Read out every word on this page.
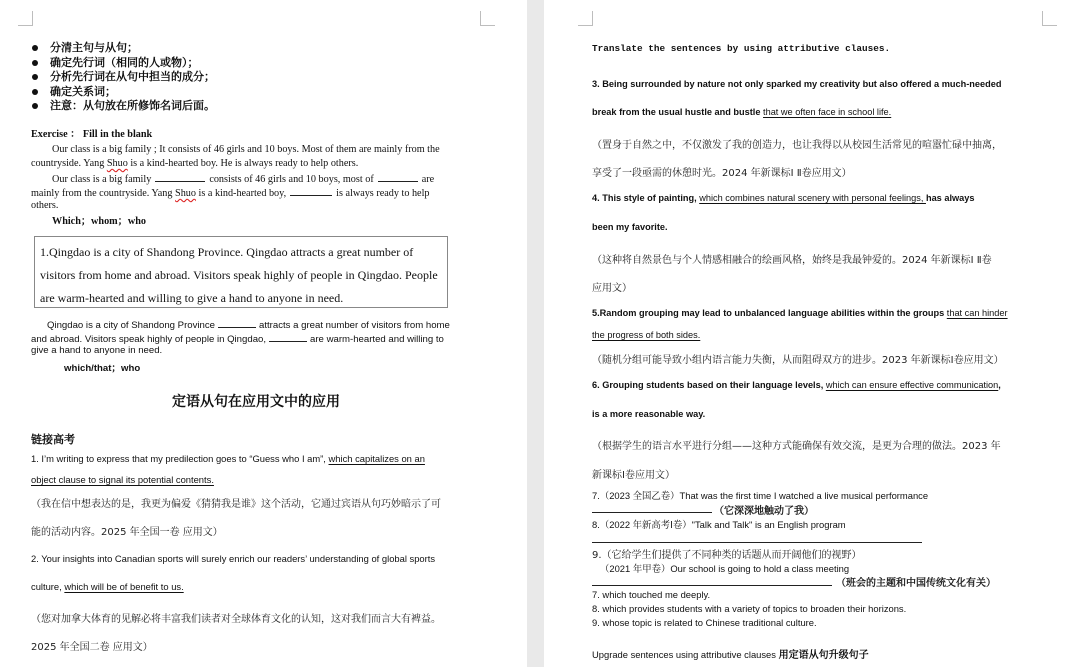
分清主句与从句；
确定先行词（相同的人或物）；
分析先行词在从句中担当的成分；
确定关系词；
注意：从句放在所修饰名词后面。
Exercise ： Fill in the blank
Our class is a big family ; It consists of 46 girls and 10 boys. Most of them are mainly from the
countryside. Yang Shuo is a kind-hearted boy. He is always ready to help others.
Our class is a big family	consists of 46 girls and 10 boys, most of	are
mainly from the countryside. Yang Shuo is a kind-hearted boy,	is always ready to help
others.
Which；whom；who
1.Qingdao is a city of Shandong Province. Qingdao attracts a great number of
visitors from home and abroad. Visitors speak highly of people in Qingdao. People
are warm-hearted and willing to give a hand to anyone in need.
Qingdao is a city of Shandong Province	attracts a great number of visitors from home
and abroad. Visitors speak highly of people in Qingdao,	are warm-hearted and willing to
give a hand to anyone in need.
which/that；who
定语从句在应用文中的应用
链接高考
1. I’m writing to express that my predilection goes to “Guess who I am”, which capitalizes on an
object clause to signal its potential contents.
（我在信中想表达的是，我更为偏爱《猜猜我是谁》这个活动，它通过宾语从句巧妙暗示了可
能的活动内容。2025 年全国一卷 应用文）
2. Your insights into Canadian sports will surely enrich our readers’ understanding of global sports
culture, which will be of benefit to us.
（您对加拿大体育的见解必将丰富我们读者对全球体育文化的认知，这对我们而言大有裨益。
2025 年全国二卷 应用文）
Translate the sentences by using attributive clauses.
3. Being surrounded by nature not only sparked my creativity but also offered a much-needed
break from the usual hustle and bustle that we often face in school life.
（置身于自然之中，不仅激发了我的创造力，也让我得以从校园生活常见的喧嚣忙碌中抽离，
享受了一段亟需的休憩时光。2024 年新课标Ⅰ Ⅱ卷应用文）
4. This style of painting, which combines natural scenery with personal feelings, has always
been my favorite.
（这种将自然景色与个人情感相融合的绘画风格，始终是我最钟爱的。2024 年新课标Ⅰ Ⅱ卷
应用文）
5.Random grouping may lead to unbalanced language abilities within the groups that can hinder
the progress of both sides.
（随机分组可能导致小组内语言能力失衡，从而阻碍双方的进步。2023 年新课标Ⅰ卷应用文）
6. Grouping students based on their language levels, which can ensure effective communication,
is a more reasonable way.
（根据学生的语言水平进行分组——这种方式能确保有效交流，是更为合理的做法。2023 年
新课标Ⅰ卷应用文）
7.（2023 全国乙卷）That was the first time I watched a live musical performance
（它深深地触动了我）
8.（2022 年新高考Ⅰ卷）"Talk and Talk" is an English program
9.（它给学生们提供了不同种类的话题从而开阔他们的视野）
（2021 年甲卷）Our school is going to hold a class meeting
（班会的主题和中国传统文化有关）
7. which touched me deeply.
8. which provides students with a variety of topics to broaden their horizons.
9. whose topic is related to Chinese traditional culture.
Upgrade sentences using attributive clauses 用定语从句升级句子
